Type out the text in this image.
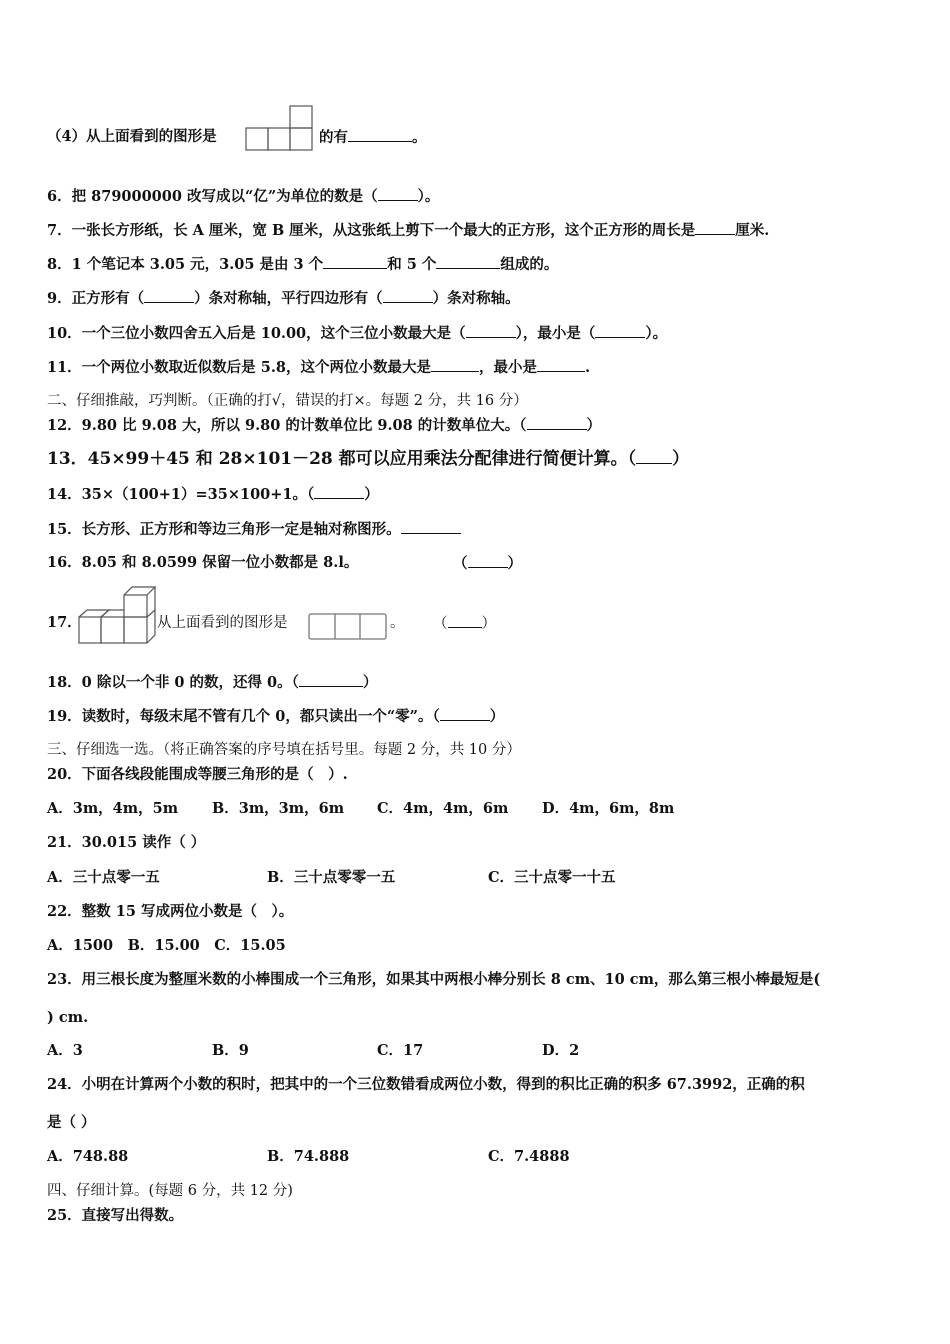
（4）从上面看到的图形是	的有	。
6．把 879000000 改写成以“亿”为单位的数是（	）。
7．一张长方形纸，长 A 厘米，宽 B 厘米，从这张纸上剪下一个最大的正方形，这个正方形的周长是	厘米.
8．1 个笔记本 3.05 元，3.05 是由 3 个	和 5 个	组成的。
9．正方形有（	）条对称轴，平行四边形有（	）条对称轴。
10．一个三位小数四舍五入后是 10.00，这个三位小数最大是（	），最小是（	）。
11．一个两位小数取近似数后是 5.8，这个两位小数最大是	，最小是	.
二、仔细推敲，巧判断。（正确的打√，错误的打×。每题 2 分，共 16 分）
12．9.80 比 9.08 大，所以 9.80 的计数单位比 9.08 的计数单位大。（	）
13．45×99＋45 和 28×101－28 都可以应用乘法分配律进行简便计算。（ ）
14．35×（100+1）=35×100+1。（	）
15．长方形、正方形和等边三角形一定是轴对称图形。
16．8.05 和 8.0599 保留一位小数都是 8.l。	（	）
17．	从上面看到的图形是	。 （ ）
18．0 除以一个非 0 的数，还得 0。（	）
19．读数时，每级末尾不管有几个 0，都只读出一个“零”。（	）
三、仔细选一选。（将正确答案的序号填在括号里。每题 2 分，共 10 分）
20．下面各线段能围成等腰三角形的是（　）.
A．3m，4m，5m B．3m，3m，6m C．4m，4m，6m D．4m，6m，8m
21．30.015 读作（ ）
A．三十点零一五	B．三十点零零一五	C．三十点零一十五
22．整数 15 写成两位小数是（　）。
A．1500　B．15.00　C．15.05
23．用三根长度为整厘米数的小棒围成一个三角形，如果其中两根小棒分别长 8 cm、10 cm，那么第三根小棒最短是(
) cm.
A．3	B．9	C．17	D．2
24．小明在计算两个小数的积时，把其中的一个三位数错看成两位小数，得到的积比正确的积多 67.3992，正确的积
是（ ）
A．748.88	B．74.888	C．7.4888
四、仔细计算。(每题 6 分，共 12 分)
25．直接写出得数。
